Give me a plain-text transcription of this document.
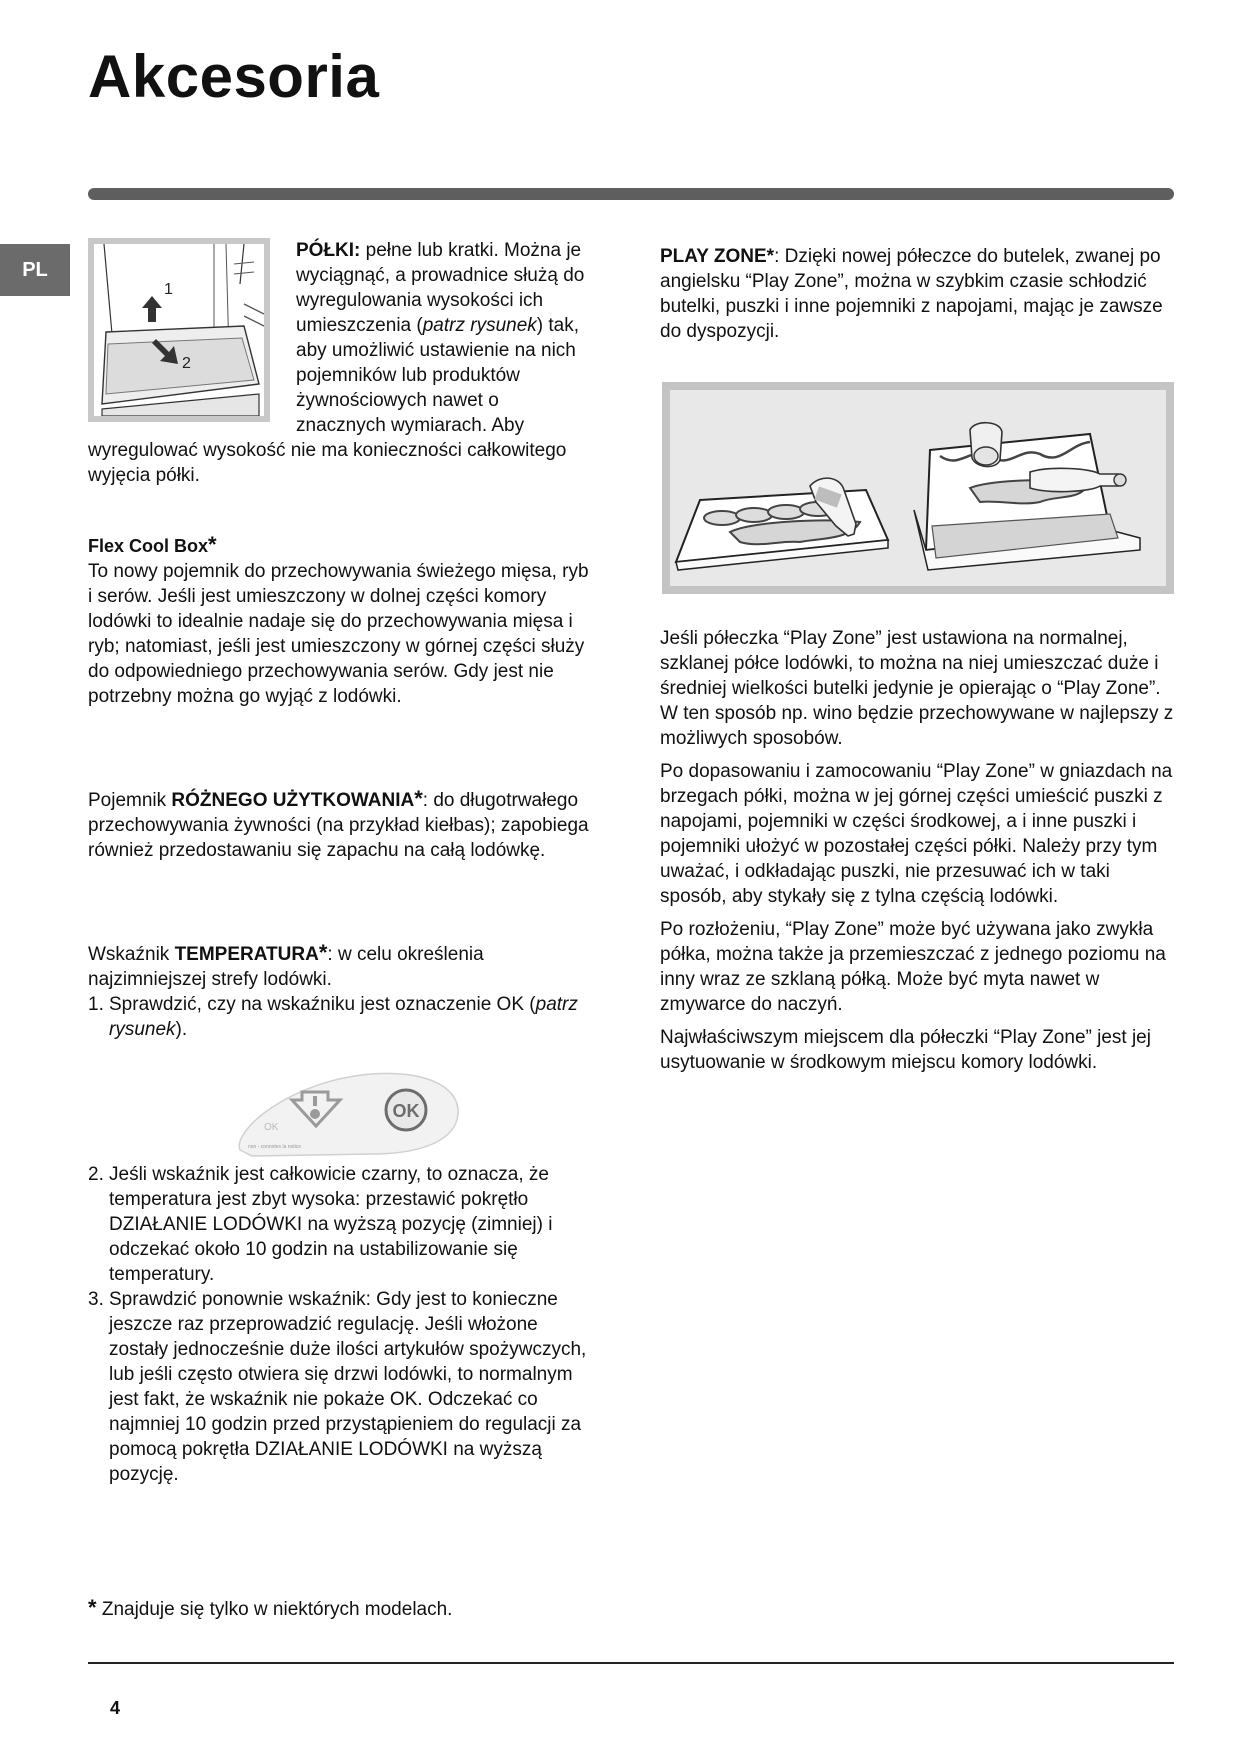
Akcesoria
PL
1
2

PÓŁKI: pełne lub kratki. Można je wyciągnąć, a prowadnice służą do wyregulowania wysokości ich umieszczenia (patrz rysunek) tak, aby umożliwić ustawienie na nich pojemników lub produktów żywnościowych nawet o znacznych wymiarach. Aby wyregulować wysokość nie ma konieczności całkowitego wyjęcia półki.

Flex Cool Box*

To nowy pojemnik do przechowywania świeżego mięsa, ryb i serów. Jeśli jest umieszczony w dolnej części komory lodówki to idealnie nadaje się do przechowywania mięsa i ryb; natomiast, jeśli jest umieszczony w górnej części służy do odpowiedniego przechowywania serów. Gdy jest nie potrzebny można go wyjąć z lodówki.

Pojemnik RÓŻNEGO UŻYTKOWANIA*: do długotrwałego przechowywania żywności (na przykład kiełbas); zapobiega również przedostawaniu się zapachu na całą lodówkę.

Wskaźnik TEMPERATURA*: w celu określenia najzimniejszej strefy lodówki.

1. Sprawdzić, czy na wskaźniku jest oznaczenie OK (patrz rysunek).
OK
non - connotes la notice
OK
2. Jeśli wskaźnik jest całkowicie czarny, to oznacza, że temperatura jest zbyt wysoka: przestawić pokrętło DZIAŁANIE LODÓWKI na wyższą pozycję (zimniej) i odczekać około 10 godzin na ustabilizowanie się temperatury.
3. Sprawdzić ponownie wskaźnik: Gdy jest to konieczne jeszcze raz przeprowadzić regulację. Jeśli włożone zostały jednocześnie duże ilości artykułów spożywczych, lub jeśli często otwiera się drzwi lodówki, to normalnym jest fakt, że wskaźnik nie pokaże OK. Odczekać co najmniej 10 godzin przed przystąpieniem do regulacji za pomocą pokrętła DZIAŁANIE LODÓWKI na wyższą pozycję.

PLAY ZONE*: Dzięki nowej półeczce do butelek, zwanej po angielsku “Play Zone”, można w szybkim czasie schłodzić butelki, puszki i inne pojemniki z napojami, mając je zawsze do dyspozycji.

Jeśli półeczka “Play Zone” jest ustawiona na normalnej, szklanej półce lodówki, to można na niej umieszczać duże i średniej wielkości butelki jedynie je opierając o “Play Zone”. W ten sposób np. wino będzie przechowywane w najlepszy z możliwych sposobów.

Po dopasowaniu i zamocowaniu “Play Zone” w gniazdach na brzegach półki, można w jej górnej części umieścić puszki z napojami, pojemniki w części środkowej, a i inne puszki i pojemniki ułożyć w pozostałej części półki. Należy przy tym uważać, i odkładając puszki, nie przesuwać ich w taki sposób, aby stykały się z tylna częścią lodówki.

Po rozłożeniu, “Play Zone” może być używana jako zwykła półka, można także ja przemieszczać z jednego poziomu na inny wraz ze szklaną półką. Może być myta nawet w zmywarce do naczyń.

Najwłaściwszym miejscem dla półeczki “Play Zone” jest jej usytuowanie w środkowym miejscu komory lodówki.

* Znajduje się tylko w niektórych modelach.
4
